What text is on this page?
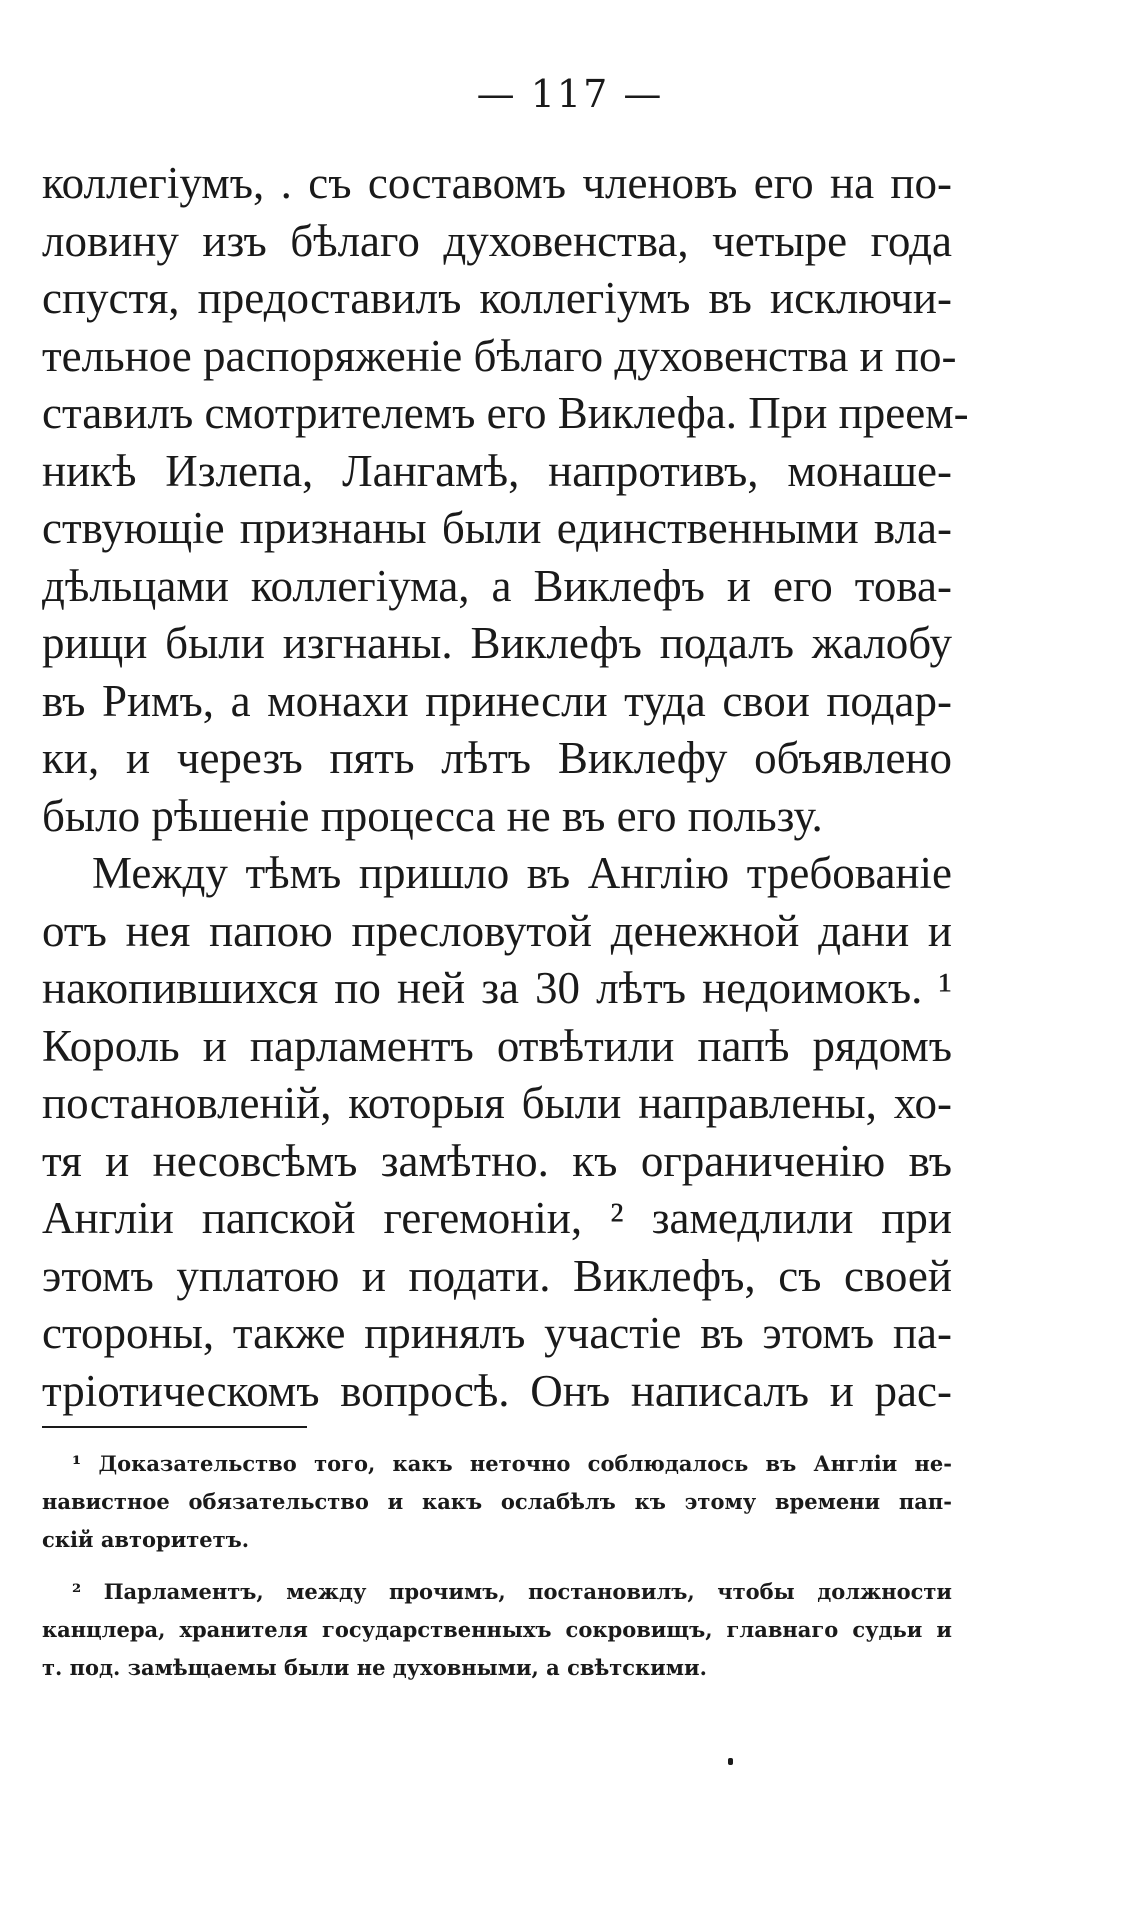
— 117 —
коллегіумъ, . съ составомъ членовъ его на по-
ловину изъ бѣлаго духовенства, четыре года
спустя, предоставилъ коллегіумъ въ исключи-
тельное распоряженіе бѣлаго духовенства и по-
ставилъ смотрителемъ его Виклефа. При преем-
никѣ Излепа, Лангамѣ, напротивъ, монаше-
ствующіе признаны были единственными вла-
дѣльцами коллегіума, а Виклефъ и его това-
рищи были изгнаны. Виклефъ подалъ жалобу
въ Римъ, а монахи принесли туда свои подар-
ки, и черезъ пять лѣтъ Виклефу объявлено
было рѣшеніе процесса не въ его пользу.
Между тѣмъ пришло въ Англію требованіе
отъ нея папою пресловутой денежной дани и
накопившихся по ней за 30 лѣтъ недоимокъ. ¹
Король и парламентъ отвѣтили папѣ рядомъ
постановленій, которыя были направлены, хо-
тя и несовсѣмъ замѣтно. къ ограниченію въ
Англіи папской гегемоніи, ² замедлили при
этомъ уплатою и подати. Виклефъ, съ своей
стороны, также принялъ участіе въ этомъ па-
тріотическомъ вопросѣ. Онъ написалъ и рас-
¹ Доказательство того, какъ неточно соблюдалось въ Англіи не-
навистное обязательство и какъ ослабѣлъ къ этому времени пап-
скій авторитетъ.
² Парламентъ, между прочимъ, постановилъ, чтобы должности
канцлера, хранителя государственныхъ сокровищъ, главнаго судьи и
т. под. замѣщаемы были не духовными, а свѣтскими.
